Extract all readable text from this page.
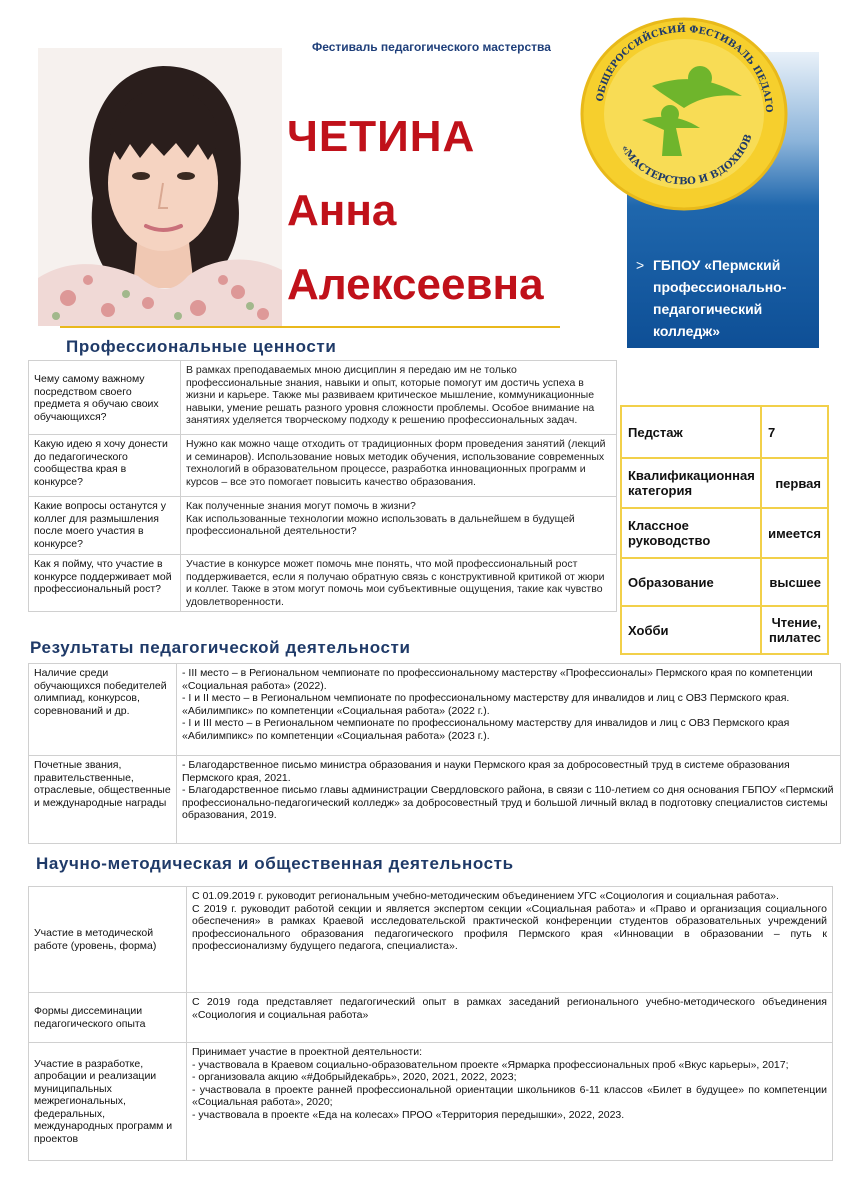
Фестиваль педагогического мастерства
ЧЕТИНА
Анна
Алексеевна
ОБЩЕРОССИЙСКИЙ ФЕСТИВАЛЬ ПЕДАГО
«МАСТЕРСТВО И ВДОХНОВ
> ГБПОУ «Пермский профессионально-педагогический колледж»
Профессиональные ценности
Чему самому важному посредством своего предмета я обучаю своих обучающихся?	В рамках преподаваемых мною дисциплин я передаю им не только профессиональные знания, навыки и опыт, которые помогут им достичь успеха в жизни и карьере. Также мы развиваем критическое мышление, коммуникационные навыки, умение решать разного уровня сложности проблемы. Особое внимание на занятиях уделяется творческому подходу к решению профессиональных задач.
Какую идею я хочу донести до педагогического сообщества края в конкурсе?	Нужно как можно чаще отходить от традиционных форм проведения занятий (лекций и семинаров). Использование новых методик обучения, использование современных технологий в образовательном процессе, разработка инновационных программ и курсов – все это помогает повысить качество образования.
Какие вопросы останутся у коллег для размышления после моего участия в конкурсе?	Как полученные знания могут помочь в жизни?
Как использованные технологии можно использовать в дальнейшем в будущей профессиональной деятельности?
Как я пойму, что участие в конкурсе поддерживает мой профессиональный рост?	Участие в конкурсе может помочь мне понять, что мой профессиональный рост поддерживается, если я получаю обратную связь с конструктивной критикой от жюри и коллег. Также в этом могут помочь мои субъективные ощущения, такие как чувство удовлетворенности.
Педстаж	7
Квалификационная категория	первая
Классное руководство	имеется
Образование	высшее
Хобби	Чтение, пилатес
Результаты педагогической деятельности
Наличие среди обучающихся победителей олимпиад, конкурсов, соревнований и др.	- III место – в Региональном чемпионате по профессиональному мастерству «Профессионалы» Пермского края по компетенции «Социальная работа» (2022).
- I и II место – в Региональном чемпионате по профессиональному мастерству для инвалидов и лиц с ОВЗ Пермского края. «Абилимпикс» по компетенции «Социальная работа» (2022 г.).
- I и III место – в Региональном чемпионате по профессиональному мастерству для инвалидов и лиц с ОВЗ Пермского края «Абилимпикс» по компетенции «Социальная работа» (2023 г.).
Почетные звания, правительственные, отраслевые, общественные и международные награды	- Благодарственное письмо министра образования и науки Пермского края за добросовестный труд в системе образования Пермского края, 2021.
- Благодарственное письмо главы администрации Свердловского района, в связи с 110-летием со дня основания ГБПОУ «Пермский профессионально-педагогический колледж» за добросовестный труд и большой личный вклад в подготовку специалистов системы образования, 2019.
Научно-методическая и общественная деятельность
Участие в методической работе (уровень, форма)	С 01.09.2019 г. руководит региональным учебно-методическим объединением УГС «Социология и социальная работа».
С 2019 г. руководит работой секции и является экспертом секции «Социальная работа» и «Право и организация социального обеспечения» в рамках Краевой исследовательской практической конференции студентов образовательных учреждений профессионального образования педагогического профиля Пермского края «Инновации в образовании – путь к профессионализму будущего педагога, специалиста».
Формы диссеминации педагогического опыта	С 2019 года представляет педагогический опыт в рамках заседаний регионального учебно-методического объединения «Социология и социальная работа»
Участие в разработке, апробации и реализации муниципальных межрегиональных, федеральных, международных программ и проектов	Принимает участие в проектной деятельности:
- участвовала в Краевом социально-образовательном проекте «Ярмарка профессиональных проб «Вкус карьеры», 2017;
- организовала акцию «#Добрыйдекабрь», 2020, 2021, 2022, 2023;
- участвовала в проекте ранней профессиональной ориентации школьников 6-11 классов «Билет в будущее» по компетенции «Социальная работа», 2020;
- участвовала в проекте «Еда на колесах» ПРОО «Территория передышки», 2022, 2023.
